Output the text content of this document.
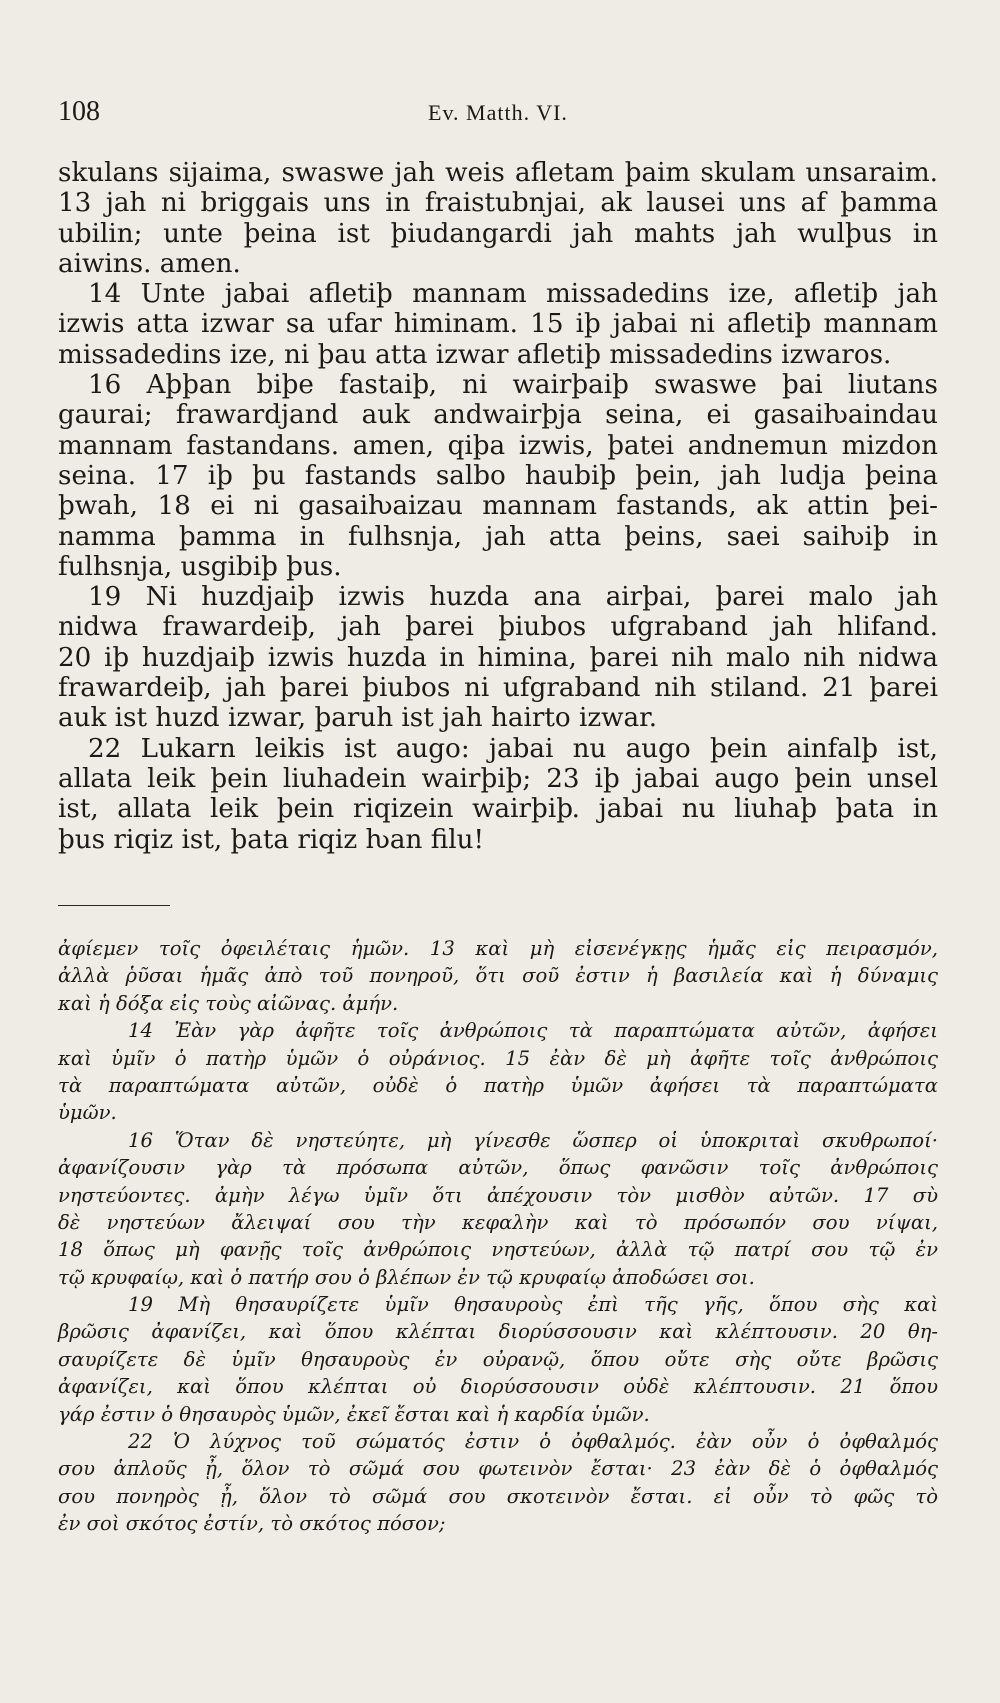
108	Ev. Matth. VI.
skulans sijaima, swaswe jah weis afletam þaim skulam unsaraim.
13 jah ni briggais uns in fraistubnjai, ak lausei uns af þamma
ubilin; unte þeina ist þiudangardi jah mahts jah wulþus in
aiwins. amen.
14 Unte jabai afletiþ mannam missadedins ize, afletiþ jah
izwis atta izwar sa ufar himinam. 15 iþ jabai ni afletiþ mannam
missadedins ize, ni þau atta izwar afletiþ missadedins izwaros.
16 Aþþan biþe fastaiþ, ni wairþaiþ swaswe þai liutans
gaurai; frawardjand auk andwairþja seina, ei gasaiƕaindau
mannam fastandans. amen, qiþa izwis, þatei andnemun mizdon
seina. 17 iþ þu fastands salbo haubiþ þein, jah ludja þeina
þwah, 18 ei ni gasaiƕaizau mannam fastands, ak attin þei-
namma þamma in fulhsnja, jah atta þeins, saei saiƕiþ in
fulhsnja, usgibiþ þus.
19 Ni huzdjaiþ izwis huzda ana airþai, þarei malo jah
nidwa frawardeiþ, jah þarei þiubos ufgraband jah hlifand.
20 iþ huzdjaiþ izwis huzda in himina, þarei nih malo nih nidwa
frawardeiþ, jah þarei þiubos ni ufgraband nih stiland. 21 þarei
auk ist huzd izwar, þaruh ist jah hairto izwar.
22 Lukarn leikis ist augo: jabai nu augo þein ainfalþ ist,
allata leik þein liuhadein wairþiþ; 23 iþ jabai augo þein unsel
ist, allata leik þein riqizein wairþiþ. jabai nu liuhaþ þata in
þus riqiz ist, þata riqiz ƕan filu!
ἀφίεμεν τοῖς ὀφειλέταις ἡμῶν. 13 καὶ μὴ εἰσενέγκῃς ἡμᾶς εἰς πειρασμόν,
ἀλλὰ ῥῦσαι ἡμᾶς ἀπὸ τοῦ πονηροῦ, ὅτι σοῦ ἐστιν ἡ βασιλεία καὶ ἡ δύναμις
καὶ ἡ δόξα εἰς τοὺς αἰῶνας. ἀμήν.
14 Ἐὰν γὰρ ἀφῆτε τοῖς ἀνθρώποις τὰ παραπτώματα αὐτῶν, ἀφήσει
καὶ ὑμῖν ὁ πατὴρ ὑμῶν ὁ οὐράνιος. 15 ἐὰν δὲ μὴ ἀφῆτε τοῖς ἀνθρώποις
τὰ παραπτώματα αὐτῶν, οὐδὲ ὁ πατὴρ ὑμῶν ἀφήσει τὰ παραπτώματα
ὑμῶν.
16 Ὅταν δὲ νηστεύητε, μὴ γίνεσθε ὥσπερ οἱ ὑποκριταὶ σκυθρωποί·
ἀφανίζουσιν γὰρ τὰ πρόσωπα αὐτῶν, ὅπως φανῶσιν τοῖς ἀνθρώποις
νηστεύοντες. ἀμὴν λέγω ὑμῖν ὅτι ἀπέχουσιν τὸν μισθὸν αὐτῶν. 17 σὺ
δὲ νηστεύων ἄλειψαί σου τὴν κεφαλὴν καὶ τὸ πρόσωπόν σου νίψαι,
18 ὅπως μὴ φανῇς τοῖς ἀνθρώποις νηστεύων, ἀλλὰ τῷ πατρί σου τῷ ἐν
τῷ κρυφαίῳ, καὶ ὁ πατήρ σου ὁ βλέπων ἐν τῷ κρυφαίῳ ἀποδώσει σοι.
19 Μὴ θησαυρίζετε ὑμῖν θησαυροὺς ἐπὶ τῆς γῆς, ὅπου σὴς καὶ
βρῶσις ἀφανίζει, καὶ ὅπου κλέπται διορύσσουσιν καὶ κλέπτουσιν. 20 θη-
σαυρίζετε δὲ ὑμῖν θησαυροὺς ἐν οὐρανῷ, ὅπου οὔτε σὴς οὔτε βρῶσις
ἀφανίζει, καὶ ὅπου κλέπται οὐ διορύσσουσιν οὐδὲ κλέπτουσιν. 21 ὅπου
γάρ ἐστιν ὁ θησαυρὸς ὑμῶν, ἐκεῖ ἔσται καὶ ἡ καρδία ὑμῶν.
22 Ὁ λύχνος τοῦ σώματός ἐστιν ὁ ὀφθαλμός. ἐὰν οὖν ὁ ὀφθαλμός
σου ἁπλοῦς ᾖ, ὅλον τὸ σῶμά σου φωτεινὸν ἔσται· 23 ἐὰν δὲ ὁ ὀφθαλμός
σου πονηρὸς ᾖ, ὅλον τὸ σῶμά σου σκοτεινὸν ἔσται. εἰ οὖν τὸ φῶς τὸ
ἐν σοὶ σκότος ἐστίν, τὸ σκότος πόσον;
